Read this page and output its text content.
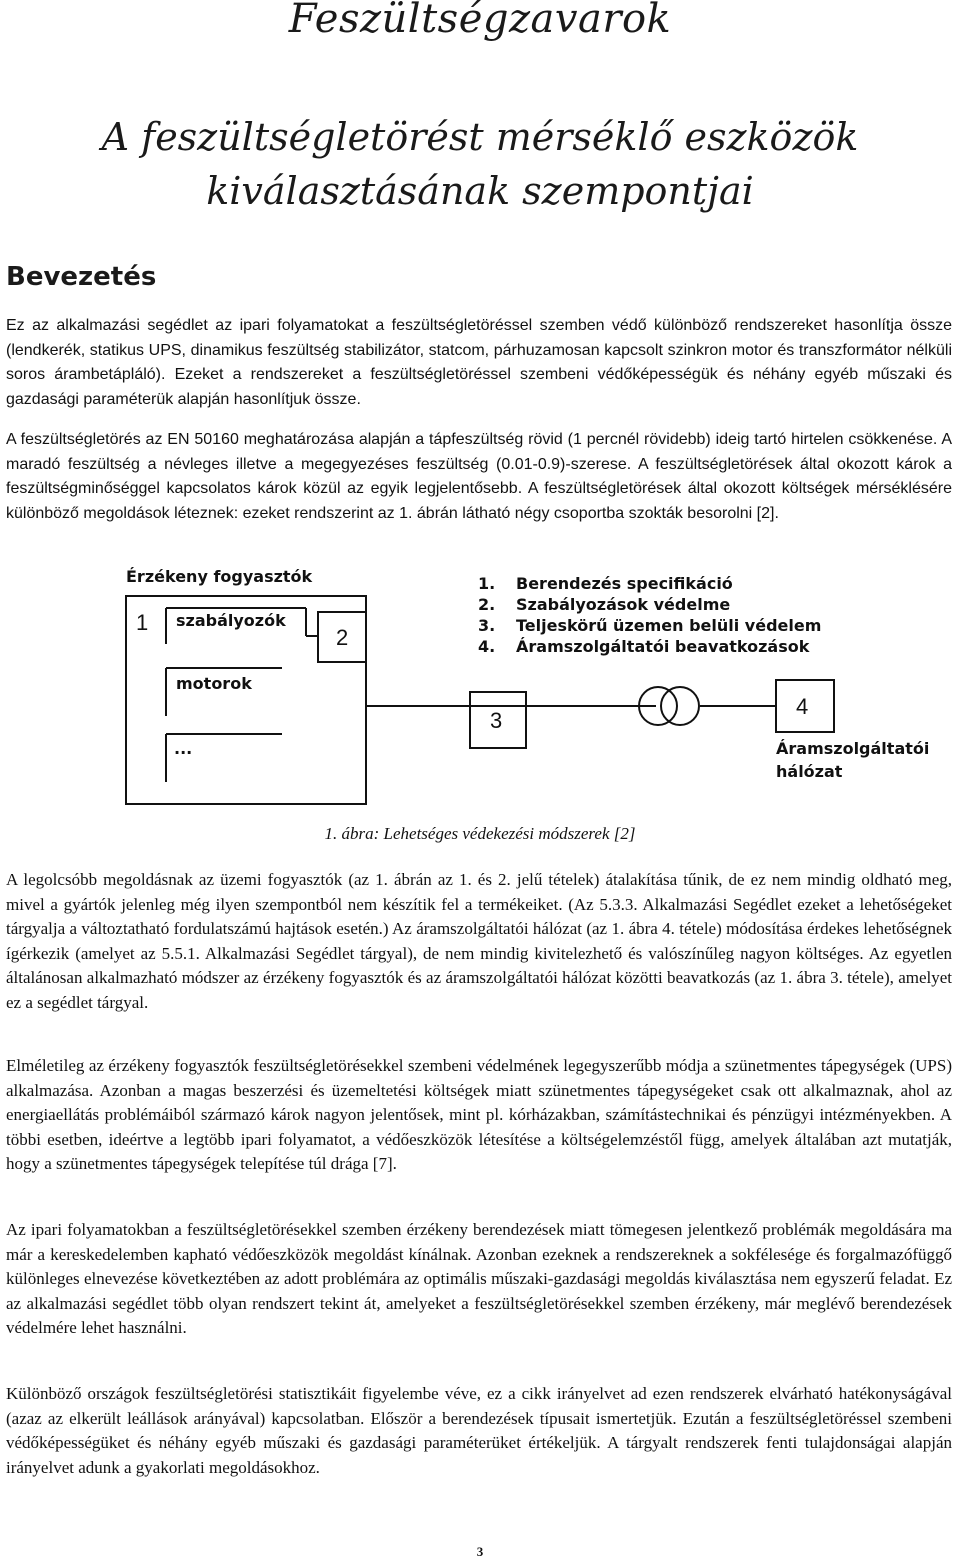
Feszültségzavarok
A feszültségletörést mérséklő eszközök
kiválasztásának szempontjai
Bevezetés

Ez az alkalmazási segédlet az ipari folyamatokat a feszültségletöréssel szemben védő különböző rendszereket hasonlítja össze (lendkerék, statikus UPS, dinamikus feszültség stabilizátor, statcom, párhuzamosan kapcsolt szinkron motor és transzformátor nélküli soros árambetápláló). Ezeket a rendszereket a feszültségletöréssel szembeni védőképességük és néhány egyéb műszaki és gazdasági paraméterük alapján hasonlítjuk össze.

A feszültségletörés az EN 50160 meghatározása alapján a tápfeszültség rövid (1 percnél rövidebb) ideig tartó hirtelen csökkenése. A maradó feszültség a névleges illetve a megegyezéses feszültség (0.01-0.9)-szerese. A feszültségletörések által okozott károk a feszültségminőséggel kapcsolatos károk közül az egyik legjelentősebb. A feszültségletörések által okozott költségek mérséklésére különböző megoldások léteznek: ezeket rendszerint az 1. ábrán látható négy csoportba szokták besorolni [2].

Érzékeny fogyasztók
1 szabályozók
2
motorok
...
3
4
Áramszolgáltatói
hálózat
1. Berendezés specifikáció
2. Szabályozások védelme
3. Teljeskörű üzemen belüli védelem
4. Áramszolgáltatói beavatkozások

1. ábra: Lehetséges védekezési módszerek [2]

A legolcsóbb megoldásnak az üzemi fogyasztók (az 1. ábrán az 1. és 2. jelű tételek) átalakítása tűnik, de ez nem mindig oldható meg, mivel a gyártók jelenleg még ilyen szempontból nem készítik fel a termékeiket. (Az 5.3.3. Alkalmazási Segédlet ezeket a lehetőségeket tárgyalja a változtatható fordulatszámú hajtások esetén.) Az áramszolgáltatói hálózat (az 1. ábra 4. tétele) módosítása érdekes lehetőségnek ígérkezik (amelyet az 5.5.1. Alkalmazási Segédlet tárgyal), de nem mindig kivitelezhető és valószínűleg nagyon költséges. Az egyetlen általánosan alkalmazható módszer az érzékeny fogyasztók és az áramszolgáltatói hálózat közötti beavatkozás (az 1. ábra 3. tétele), amelyet ez a segédlet tárgyal.

Elméletileg az érzékeny fogyasztók feszültségletörésekkel szembeni védelmének legegyszerűbb módja a szünetmentes tápegységek (UPS) alkalmazása. Azonban a magas beszerzési és üzemeltetési költségek miatt szünetmentes tápegységeket csak ott alkalmaznak, ahol az energiaellátás problémáiból származó károk nagyon jelentősek, mint pl. kórházakban, számítástechnikai és pénzügyi intézményekben. A többi esetben, ideértve a legtöbb ipari folyamatot, a védőeszközök létesítése a költségelemzéstől függ, amelyek általában azt mutatják, hogy a szünetmentes tápegységek telepítése túl drága [7].

Az ipari folyamatokban a feszültségletörésekkel szemben érzékeny berendezések miatt tömegesen jelentkező problémák megoldására ma már a kereskedelemben kapható védőeszközök megoldást kínálnak. Azonban ezeknek a rendszereknek a sokfélesége és forgalmazófüggő különleges elnevezése következtében az adott problémára az optimális műszaki-gazdasági megoldás kiválasztása nem egyszerű feladat. Ez az alkalmazási segédlet több olyan rendszert tekint át, amelyeket a feszültségletörésekkel szemben érzékeny, már meglévő berendezések védelmére lehet használni.

Különböző országok feszültségletörési statisztikáit figyelembe véve, ez a cikk irányelvet ad ezen rendszerek elvárható hatékonyságával (azaz az elkerült leállások arányával) kapcsolatban. Először a berendezések típusait ismertetjük. Ezután a feszültségletöréssel szembeni védőképességüket és néhány egyéb műszaki és gazdasági paraméterüket értékeljük. A tárgyalt rendszerek fenti tulajdonságai alapján irányelvet adunk a gyakorlati megoldásokhoz.

3
